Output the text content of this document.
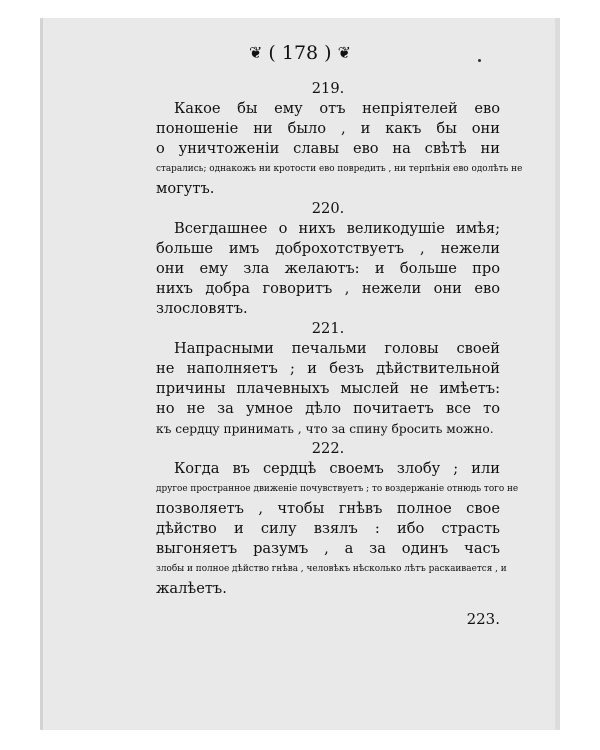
❦ ( 178 ) ❦
219.
Какое бы ему отъ непріятелей ево
поношеніе ни было , и какъ бы они
о уничтоженіи славы ево на свѣтѣ ни
старались; однакожъ ни кротости ево повредить , ни терпѣнія ево одолѣть не
могутъ.
220.
Всегдашнее о нихъ великодушіе имѣя;
больше имъ доброхотствуетъ , нежели
они ему зла желаютъ: и больше про
нихъ добра говоритъ , нежели они ево
злословятъ.
221.
Напрасными печальми головы своей
не наполняетъ ; и безъ дѣйствительной
причины плачевныхъ мыслей не имѣетъ:
но не за умное дѣло почитаетъ все то
къ сердцу принимать , что за спину бросить можно.
222.
Когда въ сердцѣ своемъ злобу ; или
другое пространное движеніе почувствуетъ ; то воздержаніе отнюдь того не
позволяетъ , чтобы гнѣвъ полное свое
дѣйство и силу взялъ : ибо страсть
выгоняетъ разумъ , а за одинъ часъ
злобы и полное дѣйство гнѣва , человѣкъ нѣсколько лѣтъ раскаивается , и
жалѣетъ.
223.
